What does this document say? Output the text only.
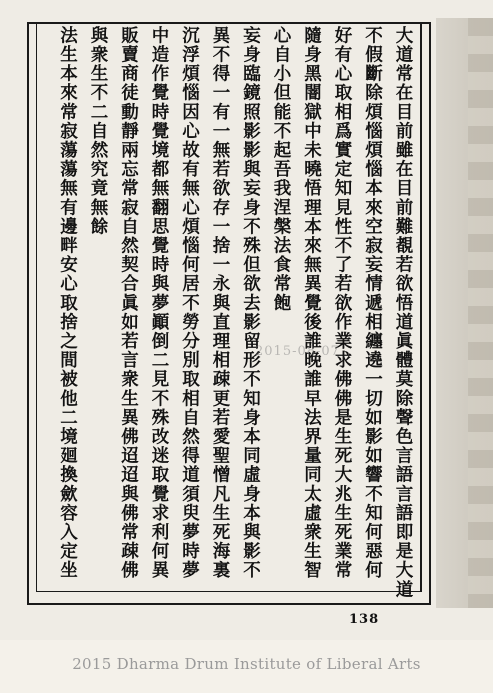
大道常在目前雖在目前難覩若欲悟道眞體莫除聲色言語言語即是大道
不假斷除煩惱煩惱本來空寂妄情遞相纏遶一切如影如響不知何惡何
好有心取相爲實定知見性不了若欲作業求佛佛是生死大兆生死業常
隨身黑闇獄中未曉悟理本來無異覺後誰晚誰早法界量同太虛衆生智
心自小但能不起吾我涅槃法食常飽
妄身臨鏡照影影與妄身不殊但欲去影留形不知身本同虛身本與影不
異不得一有一無若欲存一捨一永與直理相疎更若愛聖憎凡生死海裏
沉浮煩惱因心故有無心煩惱何居不勞分別取相自然得道須臾夢時夢
中造作覺時覺境都無翻思覺時與夢顚倒二見不殊改迷取覺求利何異
販賣商徒動靜兩忘常寂自然契合眞如若言衆生異佛迢迢與佛常疎佛
與衆生不二自然究竟無餘
法生本來常寂蕩蕩無有邊畔安心取捨之間被他二境廻換歛容入定坐	2015-08-07
138
2015 Dharma Drum Institute of Liberal Arts
